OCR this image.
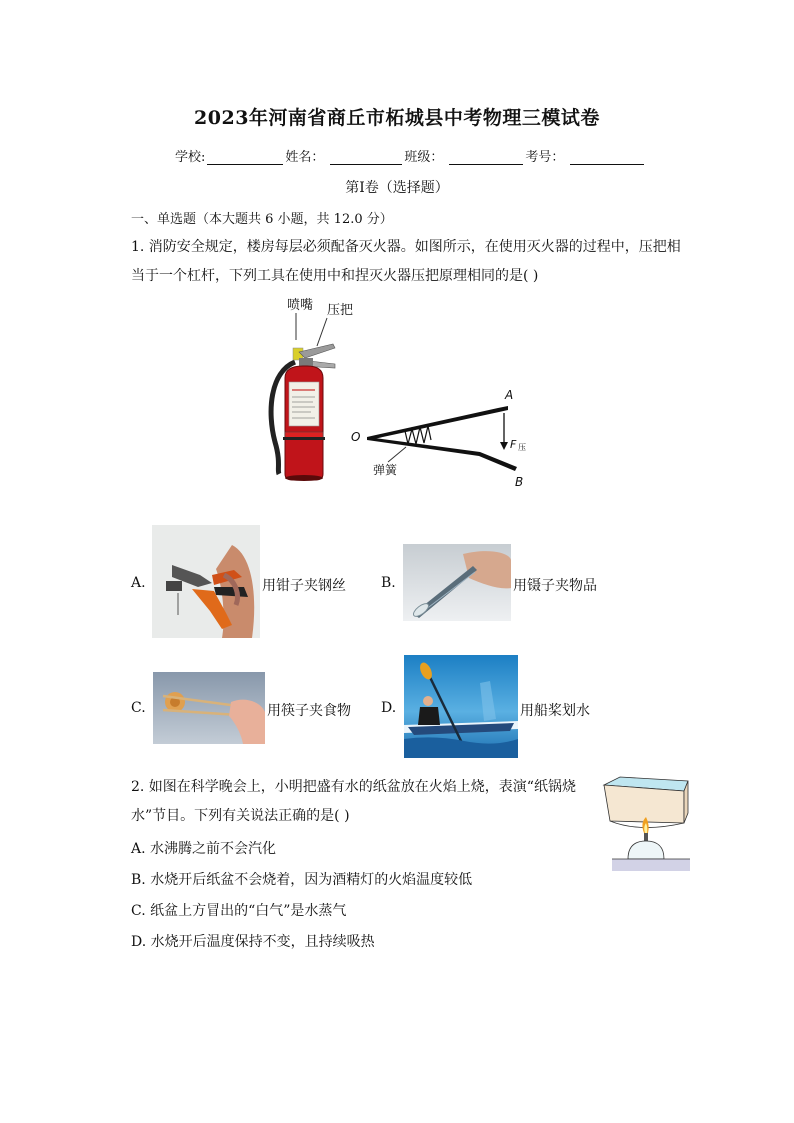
2023年河南省商丘市柘城县中考物理三模试卷
学校:	姓名：	班级：	考号：
第Ⅰ卷（选择题）
一、单选题（本大题共 6 小题，共 12.0 分）
1. 消防安全规定，楼房每层必须配备灭火器。如图所示，在使用灭火器的过程中，压把相
当于一个杠杆，下列工具在使用中和捏灭火器压把原理相同的是( )
喷嘴 压把
O
A
B
弹簧
F 压
A.	用钳子夹钢丝	B.	用镊子夹物品
C.	用筷子夹食物 D.	用船桨划水
2. 如图在科学晚会上，小明把盛有水的纸盆放在火焰上烧，表演“纸锅烧
水”节目。下列有关说法正确的是( )
A. 水沸腾之前不会汽化
B. 水烧开后纸盆不会烧着，因为酒精灯的火焰温度较低
C. 纸盆上方冒出的“白气”是水蒸气
D. 水烧开后温度保持不变，且持续吸热
